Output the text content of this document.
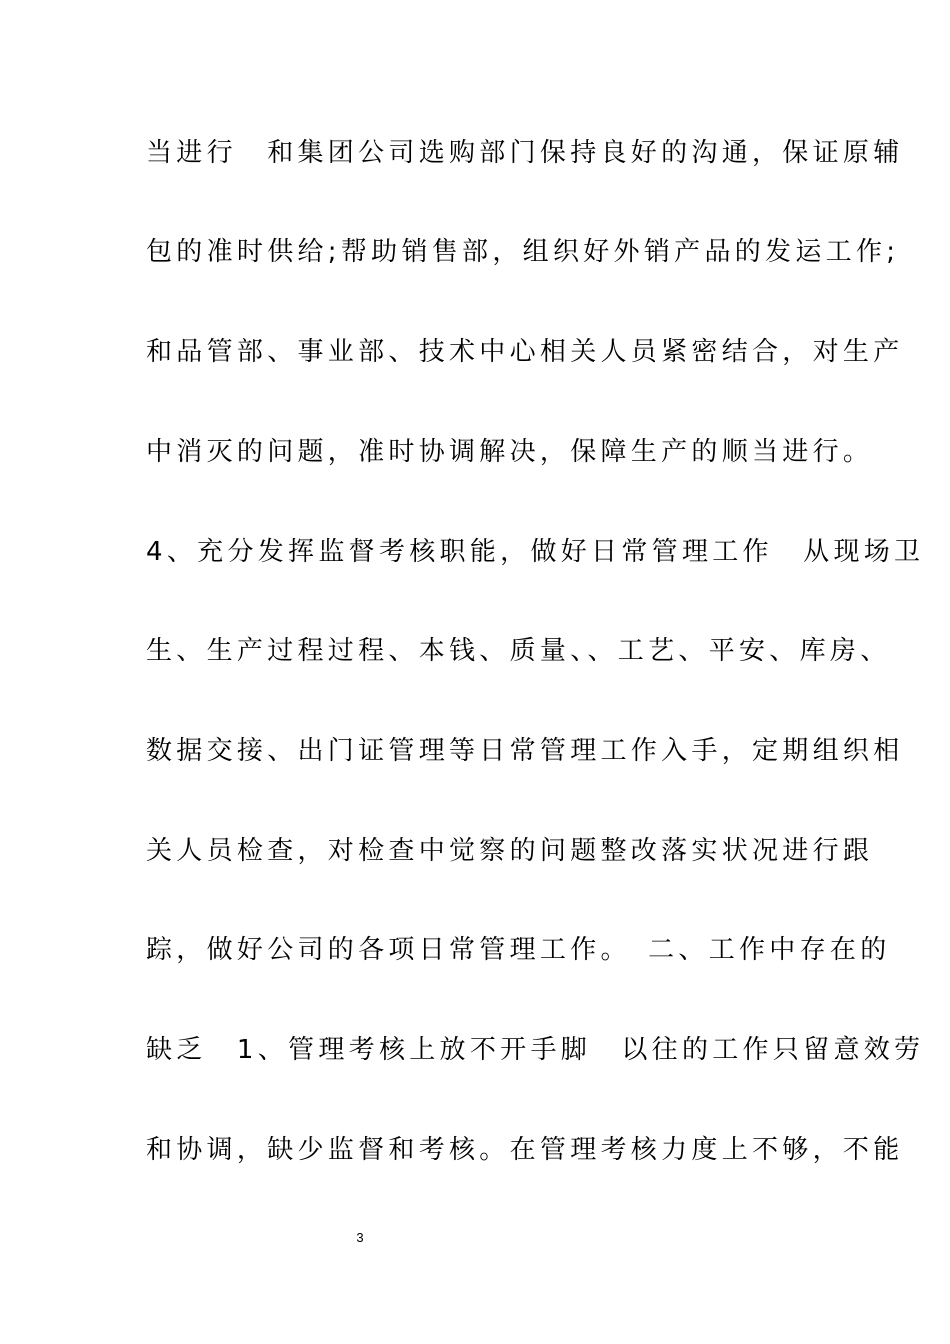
当进行　和集团公司选购部门保持良好的沟通，保证原辅
包的准时供给;帮助销售部，组织好外销产品的发运工作;
和品管部、事业部、技术中心相关人员紧密结合，对生产
中消灭的问题，准时协调解决，保障生产的顺当进行。
4、充分发挥监督考核职能，做好日常管理工作　从现场卫
生、生产过程过程、本钱、质量、、工艺、平安、库房、
数据交接、出门证管理等日常管理工作入手，定期组织相
关人员检查，对检查中觉察的问题整改落实状况进行跟
踪，做好公司的各项日常管理工作。　二、工作中存在的
缺乏　1、管理考核上放不开手脚　以往的工作只留意效劳
和协调，缺少监督和考核。在管理考核力度上不够，不能
3
